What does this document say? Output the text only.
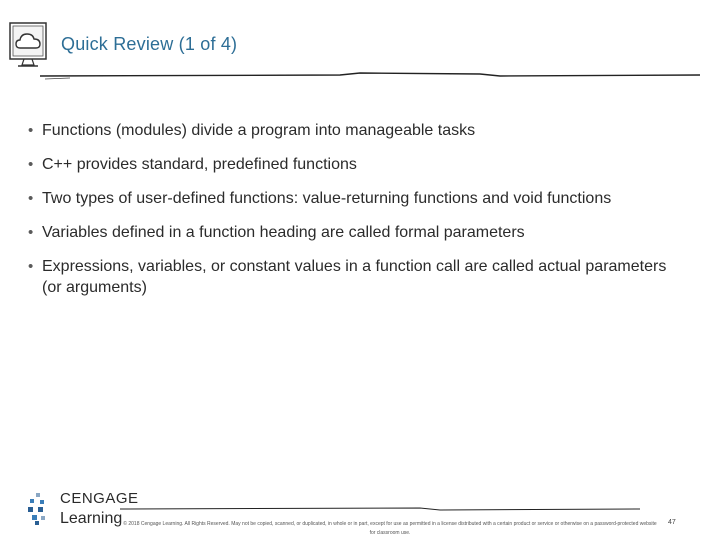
Quick Review (1 of 4)
• Functions (modules) divide a program into manageable tasks
• C++ provides standard, predefined functions
• Two types of user-defined functions: value-returning functions and void functions
• Variables defined in a function heading are called formal parameters
• Expressions, variables, or constant values in a function call are called actual parameters (or arguments)
CENGAGE
Learning © 2018 Cengage Learning. All Rights Reserved. May not be copied, scanned, or duplicated, in whole or in part, except for use as permitted in a license distributed with a certain product or service or otherwise on a password-protected website for classroom use.
47
